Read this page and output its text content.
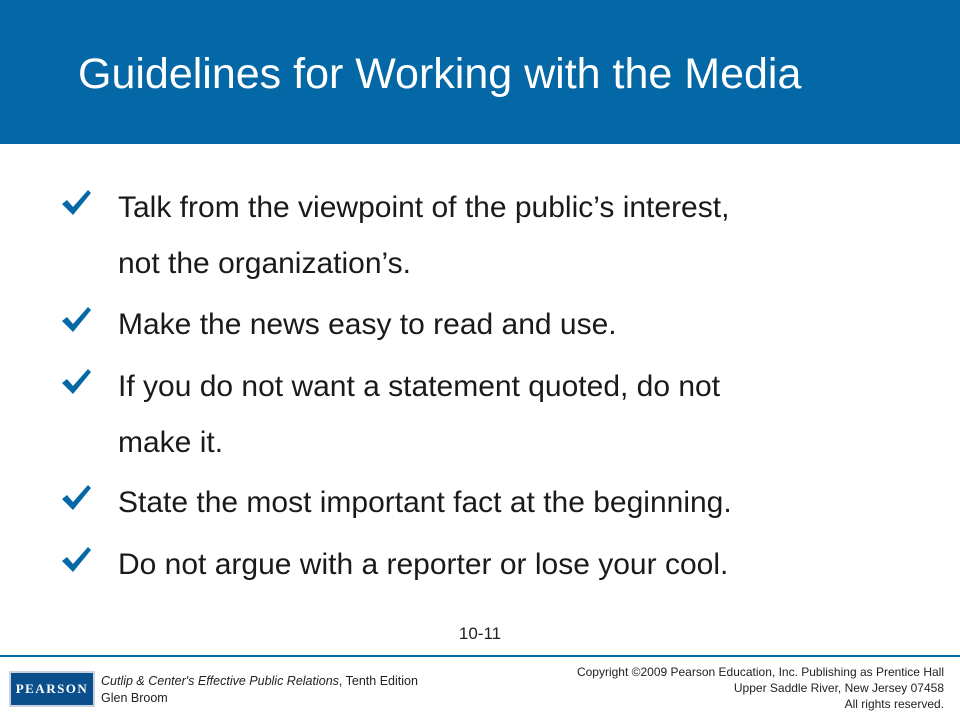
Guidelines for Working with the Media
Talk from the viewpoint of the public’s interest,
not the organization’s.
Make the news easy to read and use.
If you do not want a statement quoted, do not
make it.
State the most important fact at the beginning.
Do not argue with a reporter or lose your cool.
10-11
PEARSON Cutlip & Center's Effective Public Relations, Tenth Edition
Glen Broom
Copyright ©2009 Pearson Education, Inc. Publishing as Prentice Hall
Upper Saddle River, New Jersey 07458
All rights reserved.
